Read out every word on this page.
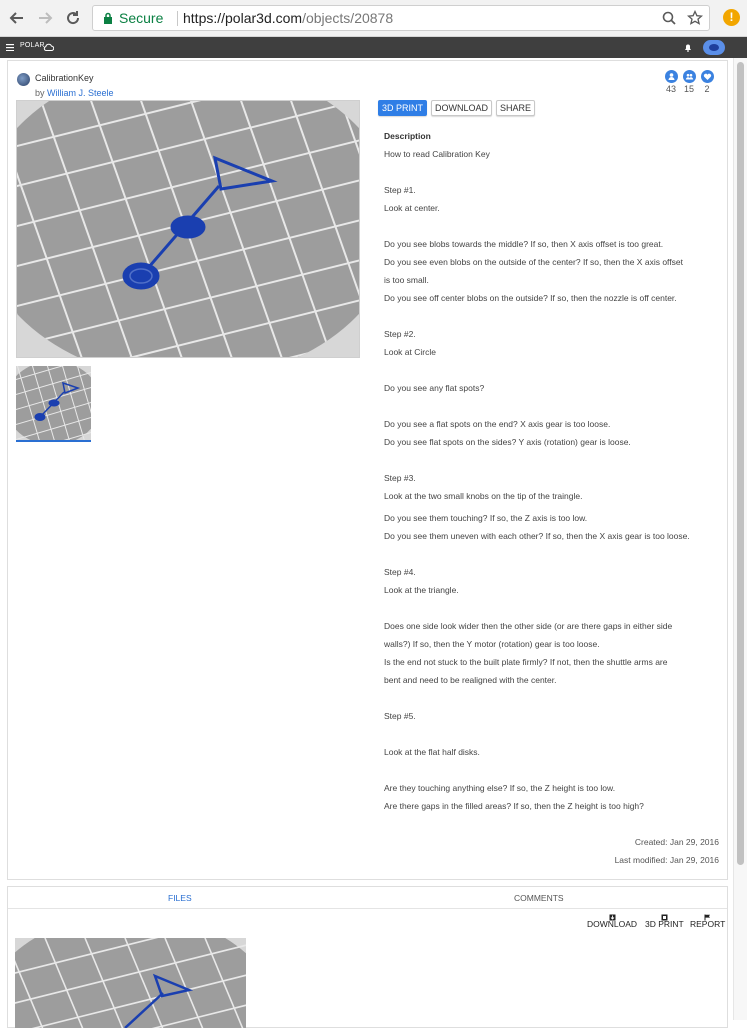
Secure https://polar3d.com/objects/20878	!
POLAR
CalibrationKey
by William J. Steele	43 15	2
3D PRINT	DOWNLOAD	SHARE
Description
How to read Calibration Key
Step #1.
Look at center.
Do you see blobs towards the middle? If so, then X axis offset is too great.
Do you see even blobs on the outside of the center? If so, then the X axis offset
is too small.
Do you see off center blobs on the outside? If so, then the nozzle is off center.
Step #2.
Look at Circle
Do you see any flat spots?
Do you see a flat spots on the end? X axis gear is too loose.
Do you see flat spots on the sides? Y axis (rotation) gear is loose.
Step #3.
Look at the two small knobs on the tip of the traingle.
Do you see them touching? If so, the Z axis is too low.
Do you see them uneven with each other? If so, then the X axis gear is too loose.
Step #4.
Look at the triangle.
Does one side look wider then the other side (or are there gaps in either side
walls?) If so, then the Y motor (rotation) gear is too loose.
Is the end not stuck to the built plate firmly? If not, then the shuttle arms are
bent and need to be realigned with the center.
Step #5.
Look at the flat half disks.
Are they touching anything else? If so, the Z height is too low.
Are there gaps in the filled areas? If so, then the Z height is too high?
Created: Jan 29, 2016
Last modified: Jan 29, 2016
FILES	COMMENTS
DOWNLOAD 3D PRINT REPORT
